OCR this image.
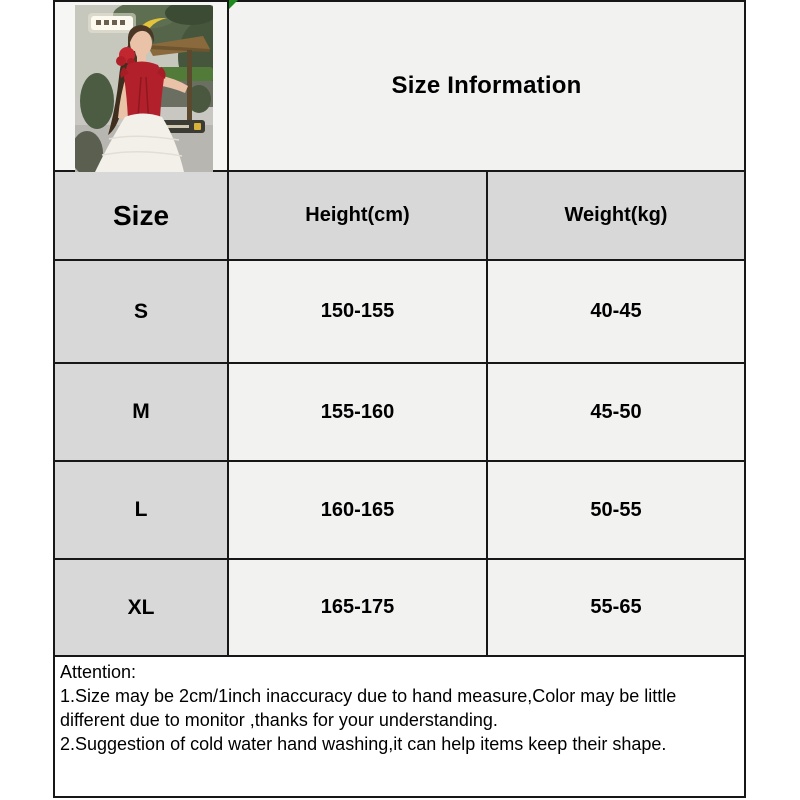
Size Information
Size	Height(cm)	Weight(kg)
S	150-155	40-45
M	155-160	45-50
L	160-165	50-55
XL	165-175	55-65

Attention:

1.Size may be 2cm/1inch inaccuracy due to hand measure,Color may be little different due to monitor ,thanks for your understanding.

2.Suggestion of cold water hand washing,it can help items keep their shape.
